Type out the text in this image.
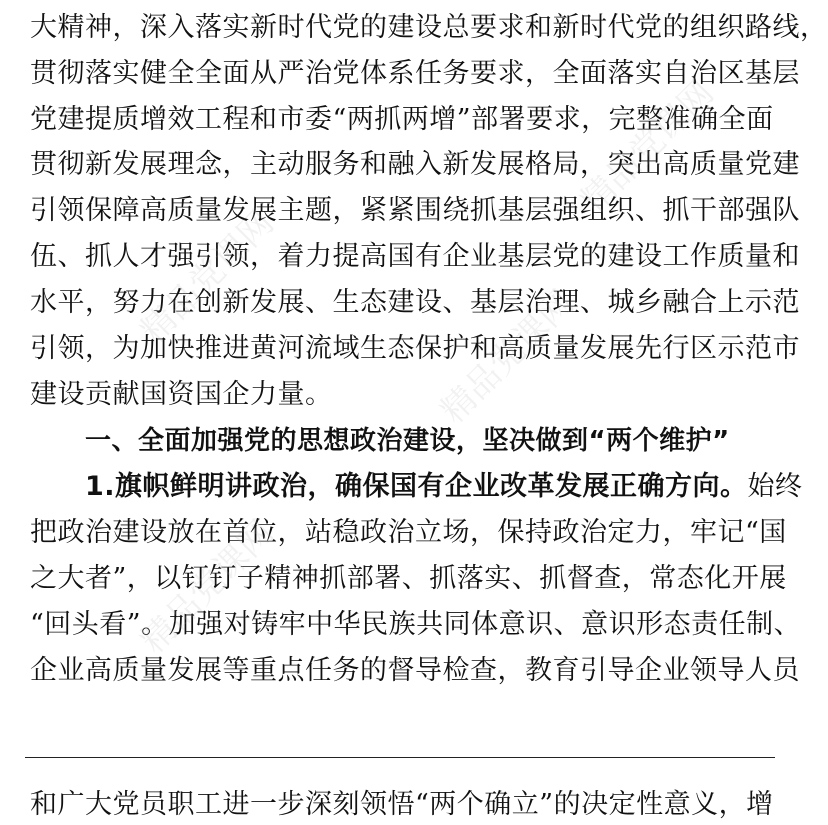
大精神，深入落实新时代党的建设总要求和新时代党的组织路线，
贯彻落实健全全面从严治党体系任务要求，全面落实自治区基层
党建提质增效工程和市委“两抓两增”部署要求，完整准确全面
贯彻新发展理念，主动服务和融入新发展格局，突出高质量党建
引领保障高质量发展主题，紧紧围绕抓基层强组织、抓干部强队
伍、抓人才强引领，着力提高国有企业基层党的建设工作质量和
水平，努力在创新发展、生态建设、基层治理、城乡融合上示范
引领，为加快推进黄河流域生态保护和高质量发展先行区示范市
建设贡献国资国企力量。
一、全面加强党的思想政治建设，坚决做到“两个维护”
1.旗帜鲜明讲政治，确保国有企业改革发展正确方向。始终
把政治建设放在首位，站稳政治立场，保持政治定力，牢记“国
之大者”，以钉钉子精神抓部署、抓落实、抓督查，常态化开展
“回头看”。加强对铸牢中华民族共同体意识、意识形态责任制、
企业高质量发展等重点任务的督导检查，教育引导企业领导人员
和广大党员职工进一步深刻领悟“两个确立”的决定性意义，增
精品党课网
精品党课网
精品党课网
精品党课网
